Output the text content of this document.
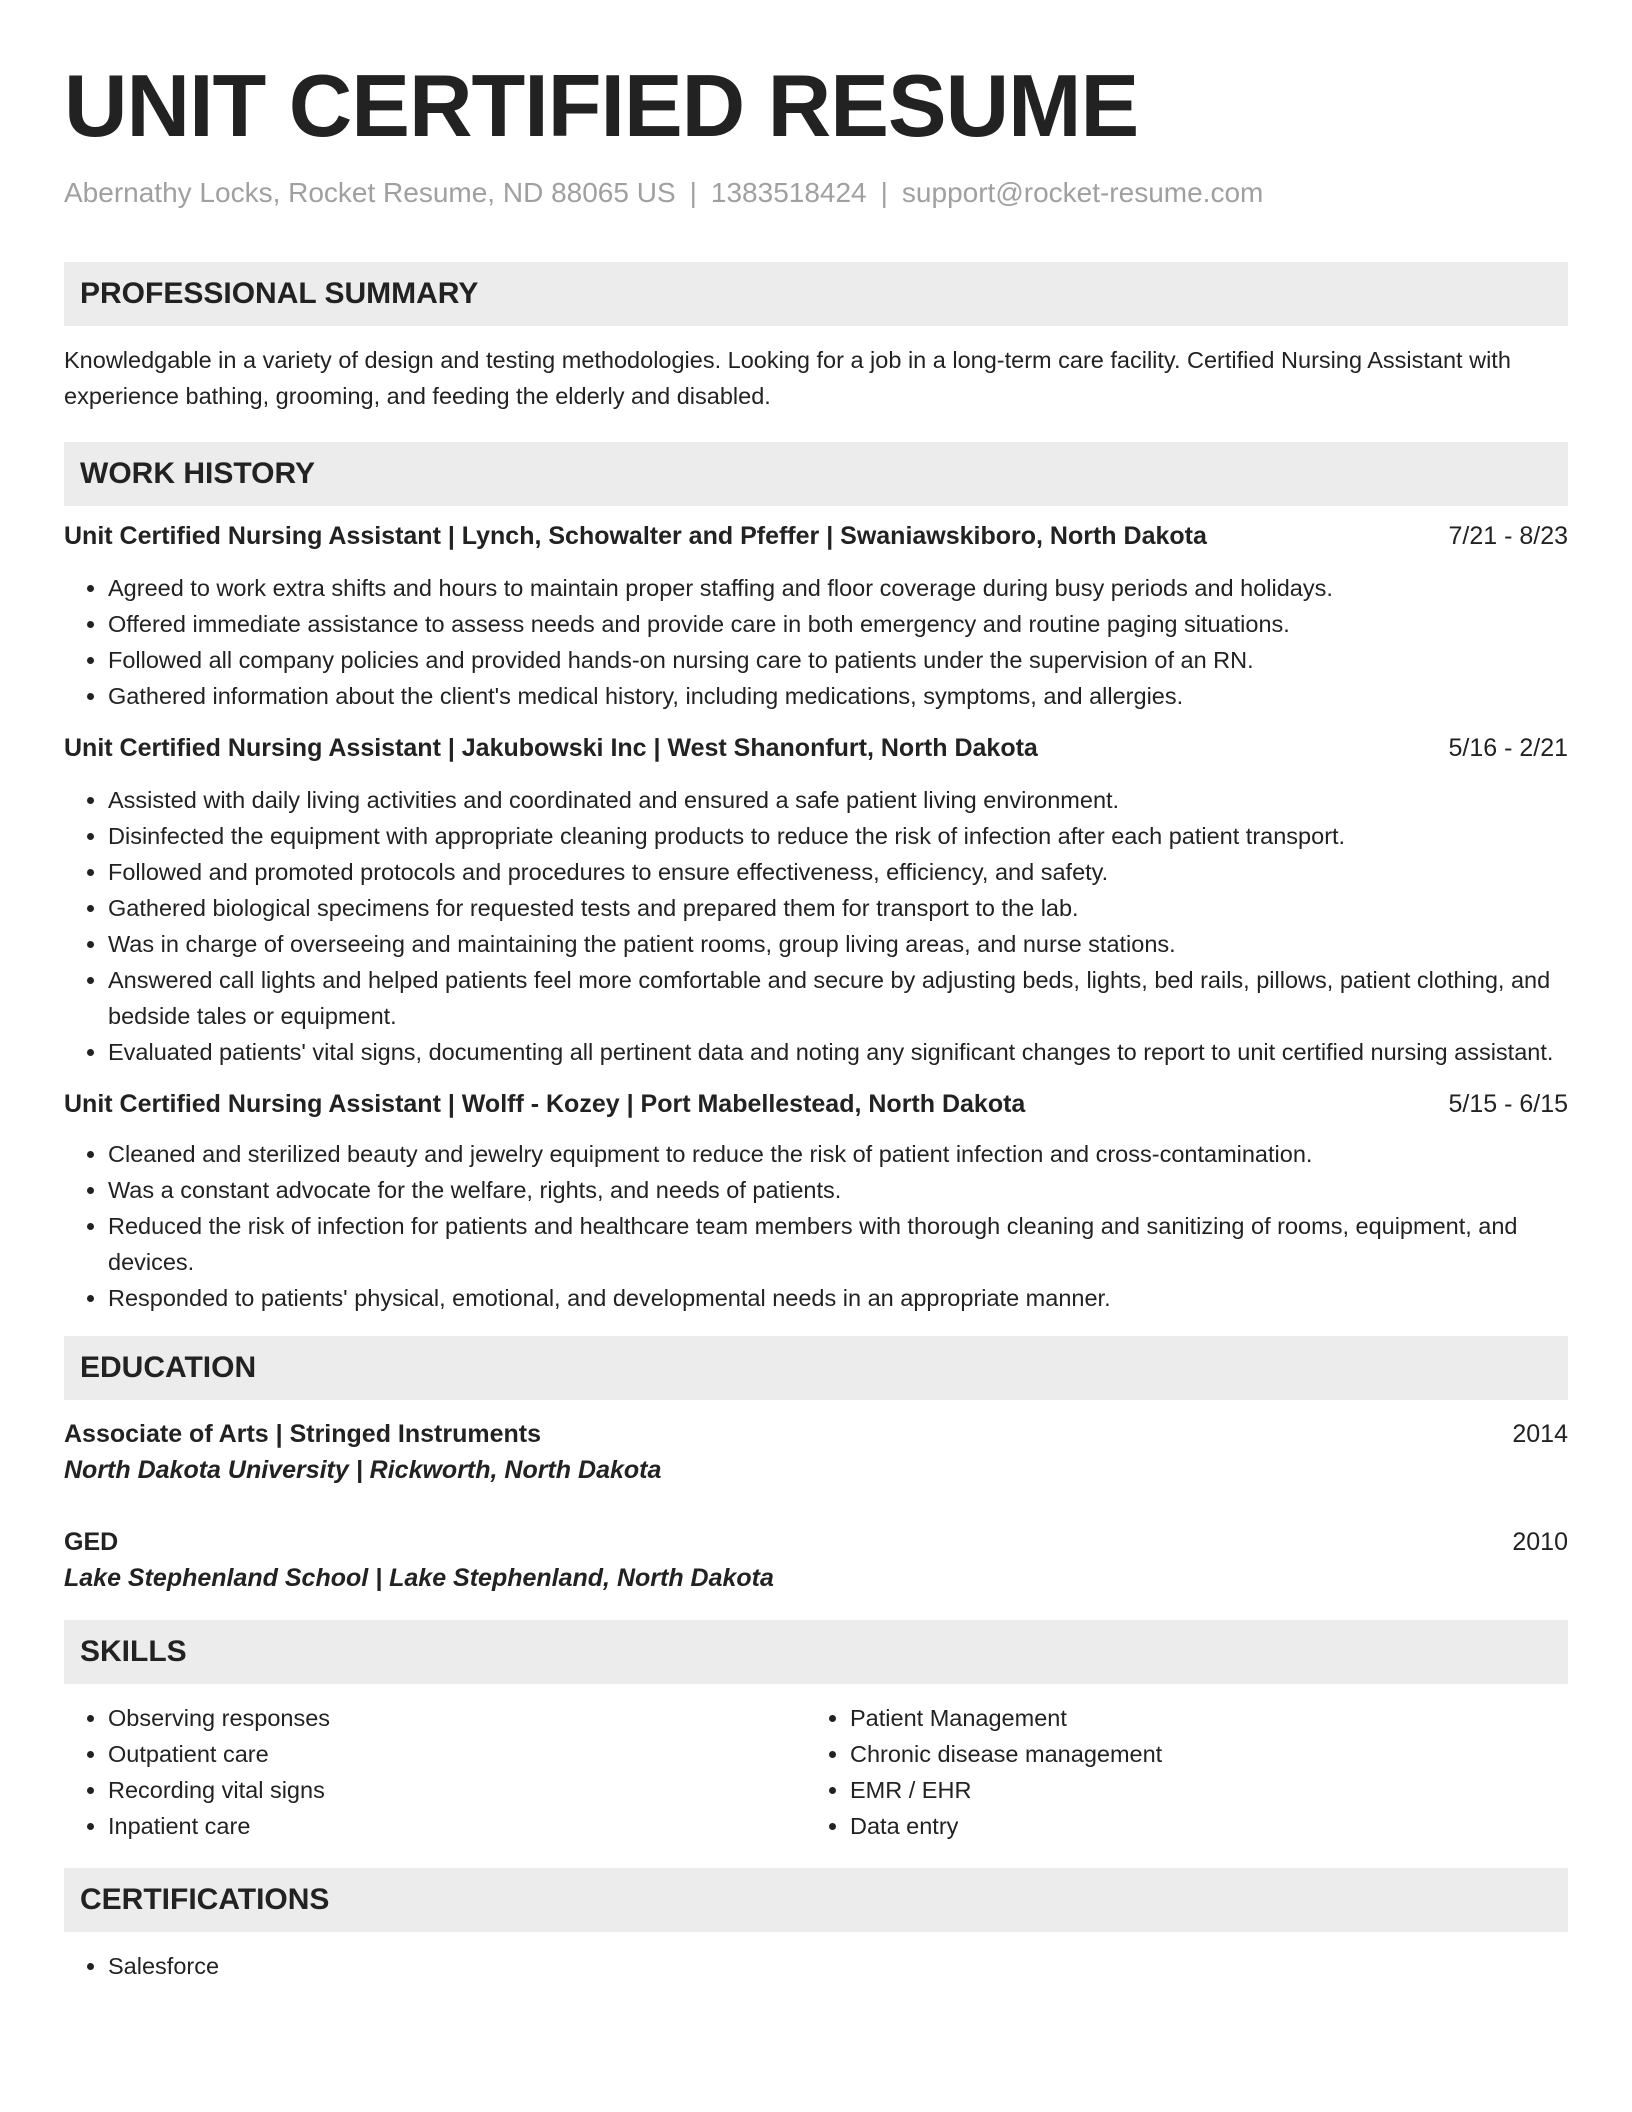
UNIT CERTIFIED RESUME
Abernathy Locks, Rocket Resume, ND 88065 US | 1383518424 | support@rocket-resume.com
PROFESSIONAL SUMMARY

Knowledgable in a variety of design and testing methodologies. Looking for a job in a long-term care facility. Certified Nursing Assistant with experience bathing, grooming, and feeding the elderly and disabled.

WORK HISTORY
Unit Certified Nursing Assistant | Lynch, Schowalter and Pfeffer | Swaniawskiboro, North Dakota	7/21 - 8/23
• Agreed to work extra shifts and hours to maintain proper staffing and floor coverage during busy periods and holidays.
• Offered immediate assistance to assess needs and provide care in both emergency and routine paging situations.
• Followed all company policies and provided hands-on nursing care to patients under the supervision of an RN.
• Gathered information about the client's medical history, including medications, symptoms, and allergies.
Unit Certified Nursing Assistant | Jakubowski Inc | West Shanonfurt, North Dakota	5/16 - 2/21
• Assisted with daily living activities and coordinated and ensured a safe patient living environment.
• Disinfected the equipment with appropriate cleaning products to reduce the risk of infection after each patient transport.
• Followed and promoted protocols and procedures to ensure effectiveness, efficiency, and safety.
• Gathered biological specimens for requested tests and prepared them for transport to the lab.
• Was in charge of overseeing and maintaining the patient rooms, group living areas, and nurse stations.
• Answered call lights and helped patients feel more comfortable and secure by adjusting beds, lights, bed rails, pillows, patient clothing, and bedside tales or equipment.
• Evaluated patients' vital signs, documenting all pertinent data and noting any significant changes to report to unit certified nursing assistant.
Unit Certified Nursing Assistant | Wolff - Kozey | Port Mabellestead, North Dakota	5/15 - 6/15
• Cleaned and sterilized beauty and jewelry equipment to reduce the risk of patient infection and cross-contamination.
• Was a constant advocate for the welfare, rights, and needs of patients.
• Reduced the risk of infection for patients and healthcare team members with thorough cleaning and sanitizing of rooms, equipment, and devices.
• Responded to patients' physical, emotional, and developmental needs in an appropriate manner.
EDUCATION
Associate of Arts | Stringed Instruments	2014
North Dakota University | Rickworth, North Dakota
GED	2010
Lake Stephenland School | Lake Stephenland, North Dakota
SKILLS
• Observing responses
• Outpatient care
• Recording vital signs
• Inpatient care
• Patient Management
• Chronic disease management
• EMR / EHR
• Data entry
CERTIFICATIONS
• Salesforce
